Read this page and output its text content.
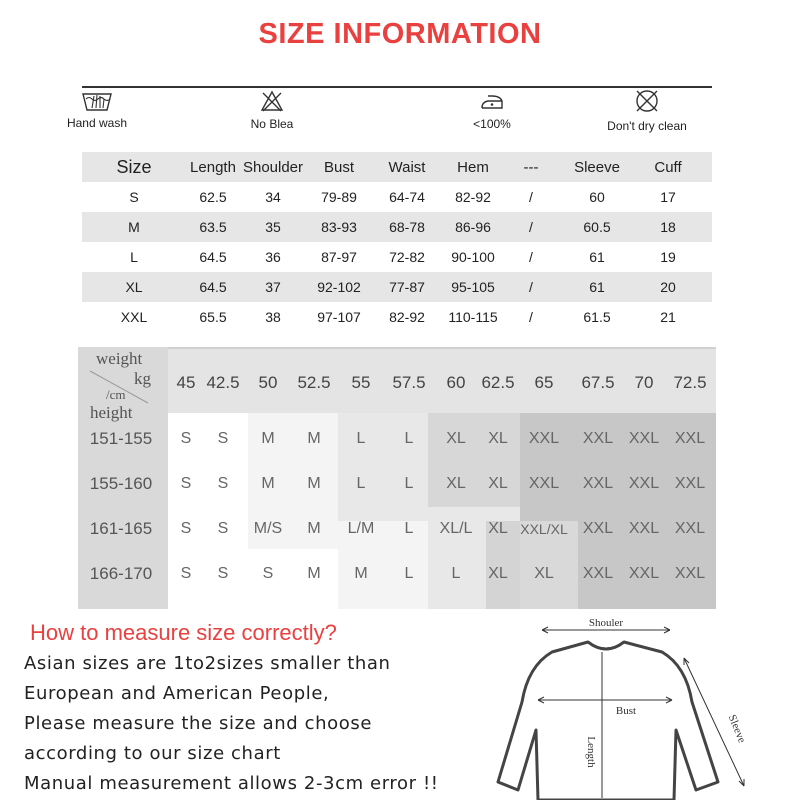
SIZE INFORMATION
Hand wash	No Blea	<100%	Don't dry clean
Size	Length Shoulder	Bust	Waist	Hem	---	Sleeve	Cuff
S	62.5	34	79-89	64-74	82-92	/	60	17
M	63.5	35	83-93	68-78	86-96	/	60.5	18
L	64.5	36	87-97	72-82	90-100	/	61	19
XL	64.5	37	92-102	77-87	95-105	/	61	20
XXL	65.5	38	97-107	82-92	110-115	/	61.5	21
weight
kg
/cm
height
45 42.5	50	52.5	55	57.5	60 62.5	65	67.5	70	72.5
151-155	S	S	M	M	L	L	XL	XL	XXL	XXL XXL XXL
155-160	S	S	M	M	L	L	XL	XL	XXL	XXL XXL XXL
161-165	S	S	M/S	M	L/M	L	XL/L XL XXL/XL XXL XXL XXL
166-170	S	S	S	M	M	L	L	XL	XL	XXL XXL XXL
How to measure size correctly?
Asian sizes are 1to2sizes smaller than
European and American People,
Please measure the size and choose
according to our size chart
Manual measurement allows 2-3cm error !!
Shouler
Bust
Length
Sleeve
